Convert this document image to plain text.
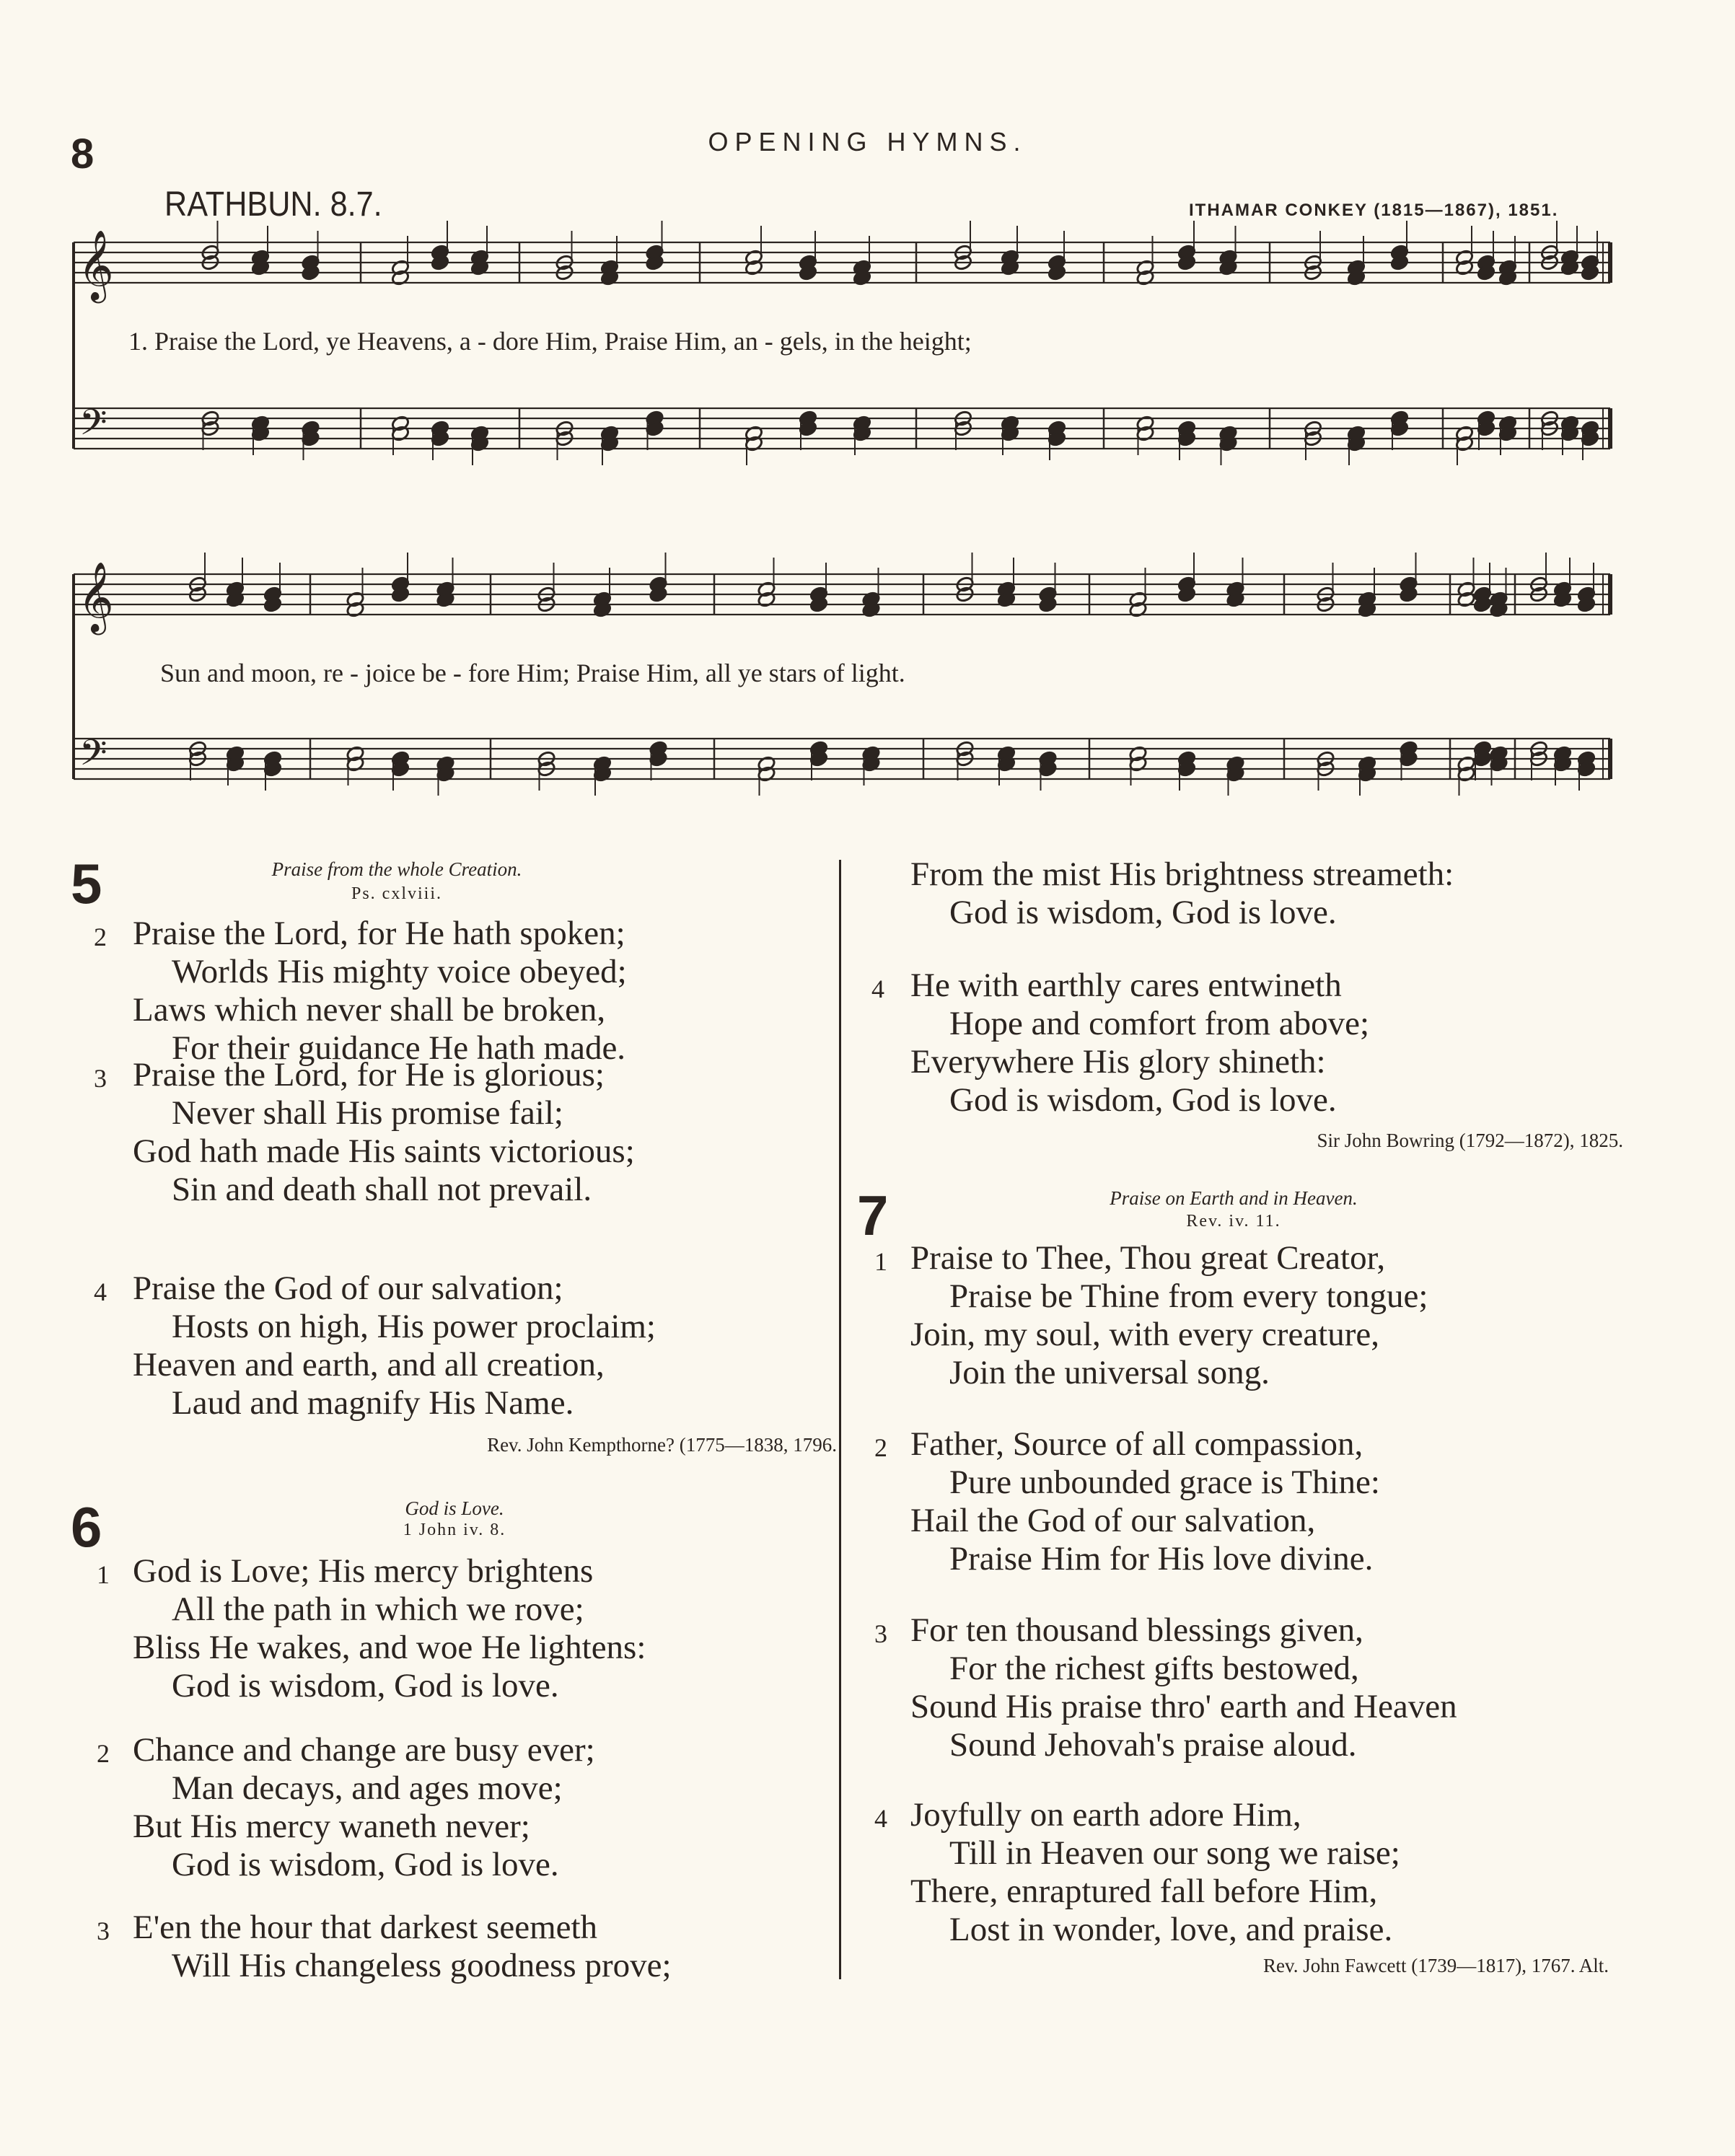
8	OPENING HYMNS.
RATHBUN. 8.7.	ITHAMAR CONKEY (1815—1867), 1851.
𝄞
𝄢
𝄞
𝄢
1. Praise the Lord, ye Heavens, a - dore Him, Praise Him, an - gels, in the height;
Sun and moon, re - joice be - fore Him; Praise Him, all ye stars of light.
5	Praise from the whole Creation.
Ps. cxlviii.
2 Praise the Lord, for He hath spoken;
Worlds His mighty voice obeyed;
Laws which never shall be broken,
For their guidance He hath made.
3 Praise the Lord, for He is glorious;
Never shall His promise fail;
God hath made His saints victorious;
Sin and death shall not prevail.
4 Praise the God of our salvation;
Hosts on high, His power proclaim;
Heaven and earth, and all creation,
Laud and magnify His Name.
Rev. John Kempthorne? (1775—1838, 1796.
6	God is Love.
1 John iv. 8.
1 God is Love; His mercy brightens
All the path in which we rove;
Bliss He wakes, and woe He lightens:
God is wisdom, God is love.
2 Chance and change are busy ever;
Man decays, and ages move;
But His mercy waneth never;
God is wisdom, God is love.
3 E'en the hour that darkest seemeth
Will His changeless goodness prove;
From the mist His brightness streameth:
God is wisdom, God is love.
4 He with earthly cares entwineth
Hope and comfort from above;
Everywhere His glory shineth:
God is wisdom, God is love.
Sir John Bowring (1792—1872), 1825.
7	Praise on Earth and in Heaven.
Rev. iv. 11.
1 Praise to Thee, Thou great Creator,
Praise be Thine from every tongue;
Join, my soul, with every creature,
Join the universal song.
2 Father, Source of all compassion,
Pure unbounded grace is Thine:
Hail the God of our salvation,
Praise Him for His love divine.
3 For ten thousand blessings given,
For the richest gifts bestowed,
Sound His praise thro' earth and Heaven
Sound Jehovah's praise aloud.
4 Joyfully on earth adore Him,
Till in Heaven our song we raise;
There, enraptured fall before Him,
Lost in wonder, love, and praise.
Rev. John Fawcett (1739—1817), 1767. Alt.
